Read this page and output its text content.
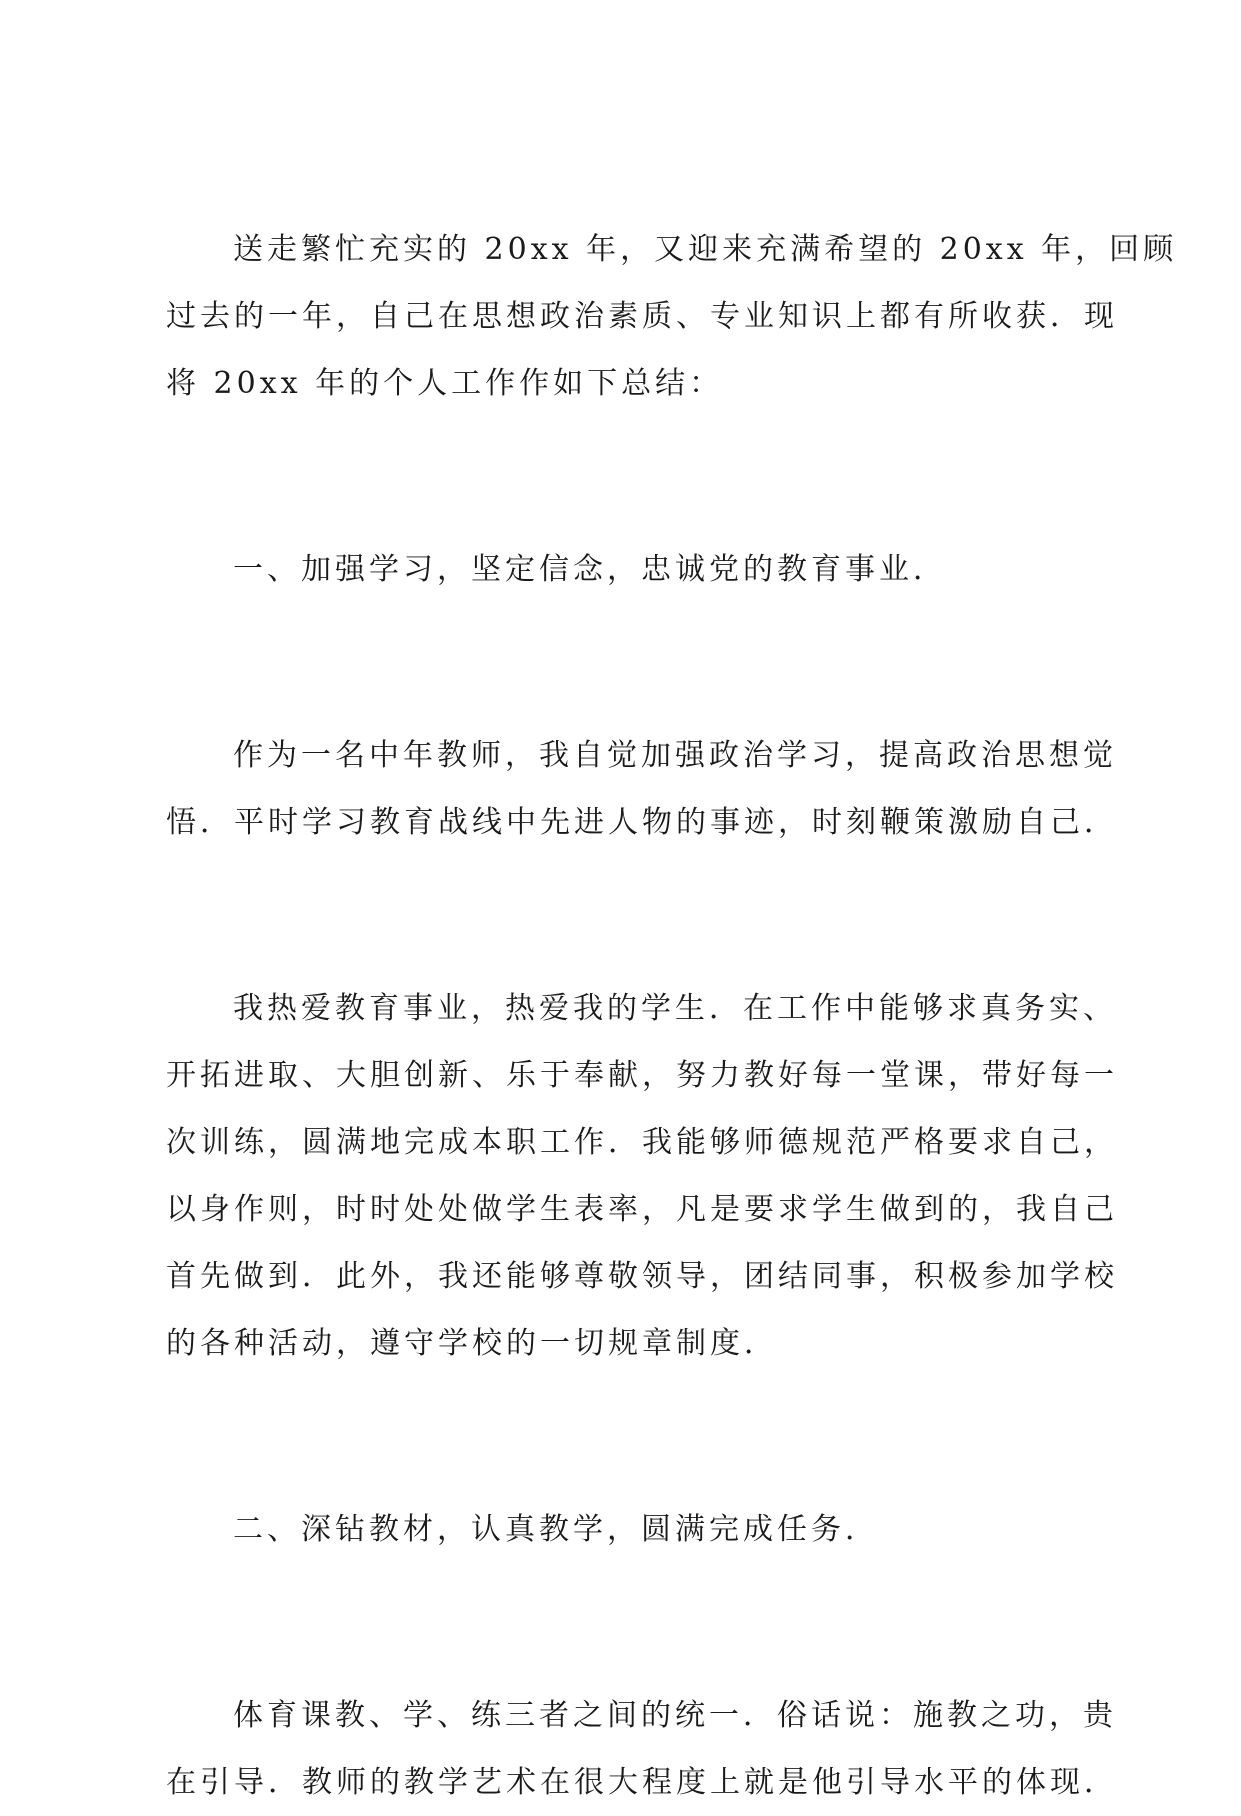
送走繁忙充实的 20xx 年，又迎来充满希望的 20xx 年，回顾
过去的一年，自己在思想政治素质、专业知识上都有所收获．现
将 20xx 年的个人工作作如下总结：

一、加强学习，坚定信念，忠诚党的教育事业．

作为一名中年教师，我自觉加强政治学习，提高政治思想觉
悟．平时学习教育战线中先进人物的事迹，时刻鞭策激励自己．

我热爱教育事业，热爱我的学生．在工作中能够求真务实、
开拓进取、大胆创新、乐于奉献，努力教好每一堂课，带好每一
次训练，圆满地完成本职工作．我能够师德规范严格要求自己，
以身作则，时时处处做学生表率，凡是要求学生做到的，我自己
首先做到．此外，我还能够尊敬领导，团结同事，积极参加学校
的各种活动，遵守学校的一切规章制度．

二、深钻教材，认真教学，圆满完成任务．

体育课教、学、练三者之间的统一．俗话说：施教之功，贵
在引导．教师的教学艺术在很大程度上就是他引导水平的体现．
